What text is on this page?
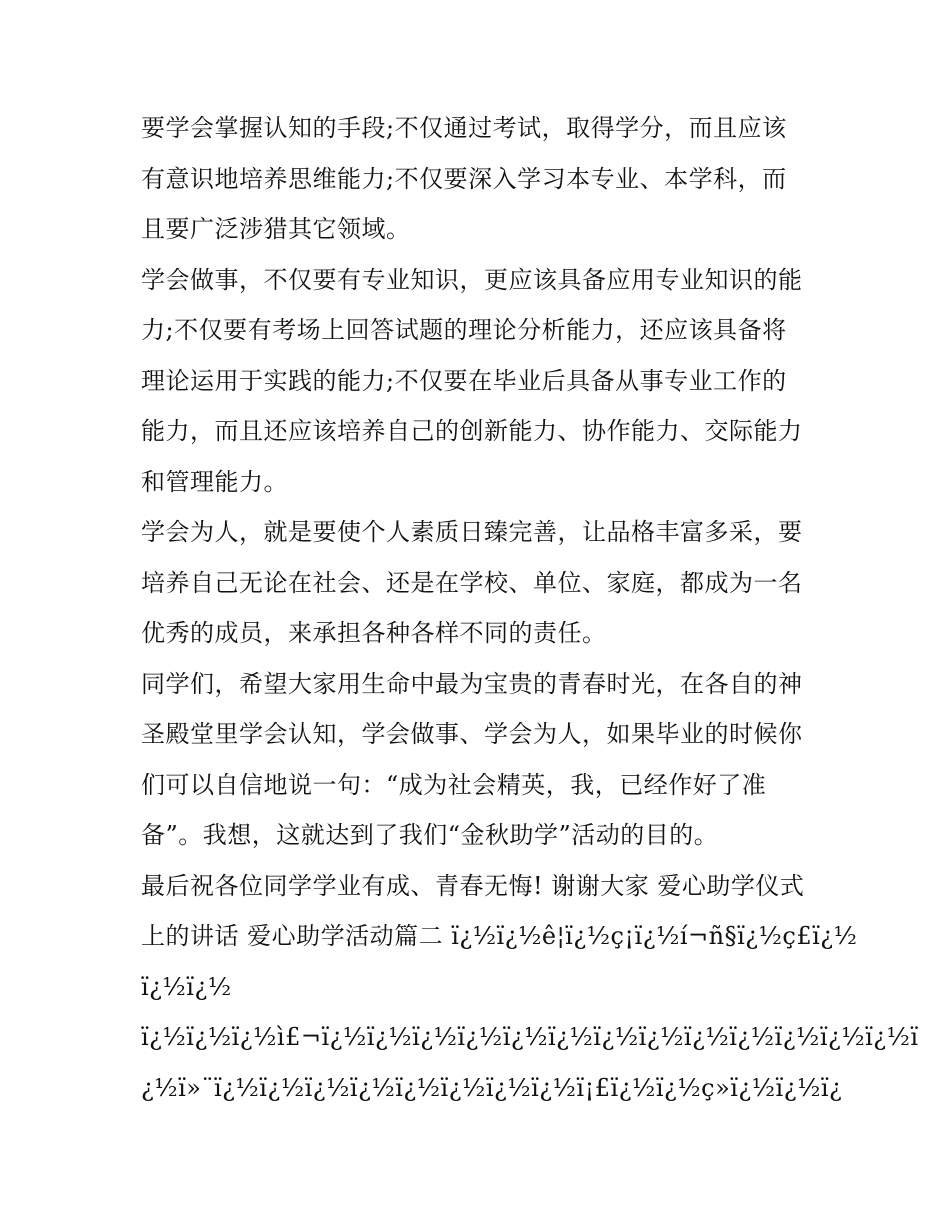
要学会掌握认知的手段;不仅通过考试，取得学分，而且应该
有意识地培养思维能力;不仅要深入学习本专业、本学科，而
且要广泛涉猎其它领域。
学会做事，不仅要有专业知识，更应该具备应用专业知识的能
力;不仅要有考场上回答试题的理论分析能力，还应该具备将
理论运用于实践的能力;不仅要在毕业后具备从事专业工作的
能力，而且还应该培养自己的创新能力、协作能力、交际能力
和管理能力。
学会为人，就是要使个人素质日臻完善，让品格丰富多采，要
培养自己无论在社会、还是在学校、单位、家庭，都成为一名
优秀的成员，来承担各种各样不同的责任。
同学们，希望大家用生命中最为宝贵的青春时光，在各自的神
圣殿堂里学会认知，学会做事、学会为人，如果毕业的时候你
们可以自信地说一句：“成为社会精英，我，已经作好了准
备”。我想，这就达到了我们“金秋助学”活动的目的。
最后祝各位同学学业有成、青春无悔! 谢谢大家 爱心助学仪式
上的讲话 爱心助学活动篇二 ï¿½ï¿½ê¦ï¿½ç¡ï¿½í¬ñ§ï¿½ç£ï¿½
ï¿½ï¿½
ï¿½ï¿½ï¿½ì£¬ï¿½ï¿½ï¿½ï¿½ï¿½ï¿½ï¿½ï¿½ï¿½ï¿½ï¿½ï¿½ï¿½ï
¿½ï»¨ï¿½ï¿½ï¿½ï¿½ï¿½ï¿½ï¿½ï¿½ï¡£ï¿½ï¿½ç»ï¿½ï¿½ï¿
